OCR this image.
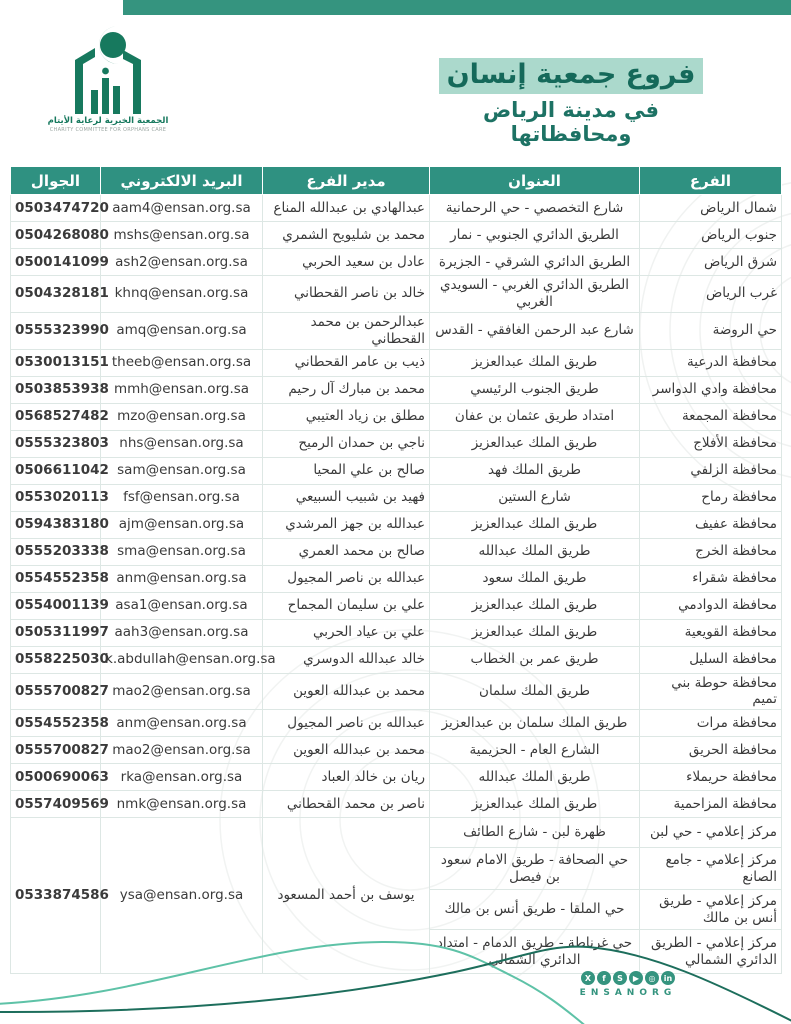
الجمعية الخيرية لرعاية الأيتام
CHARITY COMMITTEE FOR ORPHANS CARE
فروع جمعية إنسان
في مدينة الرياض ومحافظاتها
الفرع	العنوان	مدير الفرع	البريد الالكتروني	الجوال
شمال الرياض	شارع التخصصي - حي الرحمانية	عبدالهادي بن عبدالله المناع	aam4@ensan.org.sa	0503474720
جنوب الرياض	الطريق الدائري الجنوبي - نمار	محمد بن شليويح الشمري	mshs@ensan.org.sa	0504268080
شرق الرياض	الطريق الدائري الشرقي - الجزيرة	عادل بن سعيد الحربي	ash2@ensan.org.sa	0500141099
غرب الرياض	الطريق الدائري الغربي - السويدي الغربي	خالد بن ناصر القحطاني	khnq@ensan.org.sa	0504328181
حي الروضة	شارع عبد الرحمن الغافقي - القدس	عبدالرحمن بن محمد القحطاني	amq@ensan.org.sa	0555323990
محافظة الدرعية	طريق الملك عبدالعزيز	ذيب بن عامر القحطاني	theeb@ensan.org.sa	0530013151
محافظة وادي الدواسر	طريق الجنوب الرئيسي	محمد بن مبارك آل رحيم	mmh@ensan.org.sa	0503853938
محافظة المجمعة	امتداد طريق عثمان بن عفان	مطلق بن زياد العتيبي	mzo@ensan.org.sa	0568527482
محافظة الأفلاج	طريق الملك عبدالعزيز	ناجي بن حمدان الرميح	nhs@ensan.org.sa	0555323803
محافظة الزلفي	طريق الملك فهد	صالح بن علي المحيا	sam@ensan.org.sa	0506611042
محافظة رماح	شارع الستين	فهيد بن شبيب السبيعي	fsf@ensan.org.sa	0553020113
محافظة عفيف	طريق الملك عبدالعزيز	عبدالله بن جهز المرشدي	ajm@ensan.org.sa	0594383180
محافظة الخرج	طريق الملك عبدالله	صالح بن محمد العمري	sma@ensan.org.sa	0555203338
محافظة شقراء	طريق الملك سعود	عبدالله بن ناصر المجيول	anm@ensan.org.sa	0554552358
محافظة الدوادمي	طريق الملك عبدالعزيز	علي بن سليمان المجماح	asa1@ensan.org.sa	0554001139
محافظة القويعية	طريق الملك عبدالعزيز	علي بن عياد الحربي	aah3@ensan.org.sa	0505311997
محافظة السليل	طريق عمر بن الخطاب	خالد عبدالله الدوسري	k.abdullah@ensan.org.sa	0558225030
محافظة حوطة بني تميم	طريق الملك سلمان	محمد بن عبدالله العوين	mao2@ensan.org.sa	0555700827
محافظة مرات	طريق الملك سلمان بن عبدالعزيز	عبدالله بن ناصر المجيول	anm@ensan.org.sa	0554552358
محافظة الحريق	الشارع العام - الحزيمية	محمد بن عبدالله العوين	mao2@ensan.org.sa	0555700827
محافظة حريملاء	طريق الملك عبدالله	ريان بن خالد العباد	rka@ensan.org.sa	0500690063
محافظة المزاحمية	طريق الملك عبدالعزيز	ناصر بن محمد القحطاني	nmk@ensan.org.sa	0557409569
مركز إعلامي - حي لبن	ظهرة لبن - شارع الطائف	يوسف بن أحمد المسعود	ysa@ensan.org.sa	0533874586
مركز إعلامي - جامع الصانع	حي الصحافة - طريق الامام سعود بن فيصل			
مركز إعلامي - طريق أنس بن مالك	حي الملقا - طريق أنس بن مالك			
مركز إعلامي - الطريق الدائري الشمالي	حي غرناطة - طريق الدمام - امتداد الدائري الشمالي			
X	f	S	▶	◎	in
ENSANORG
